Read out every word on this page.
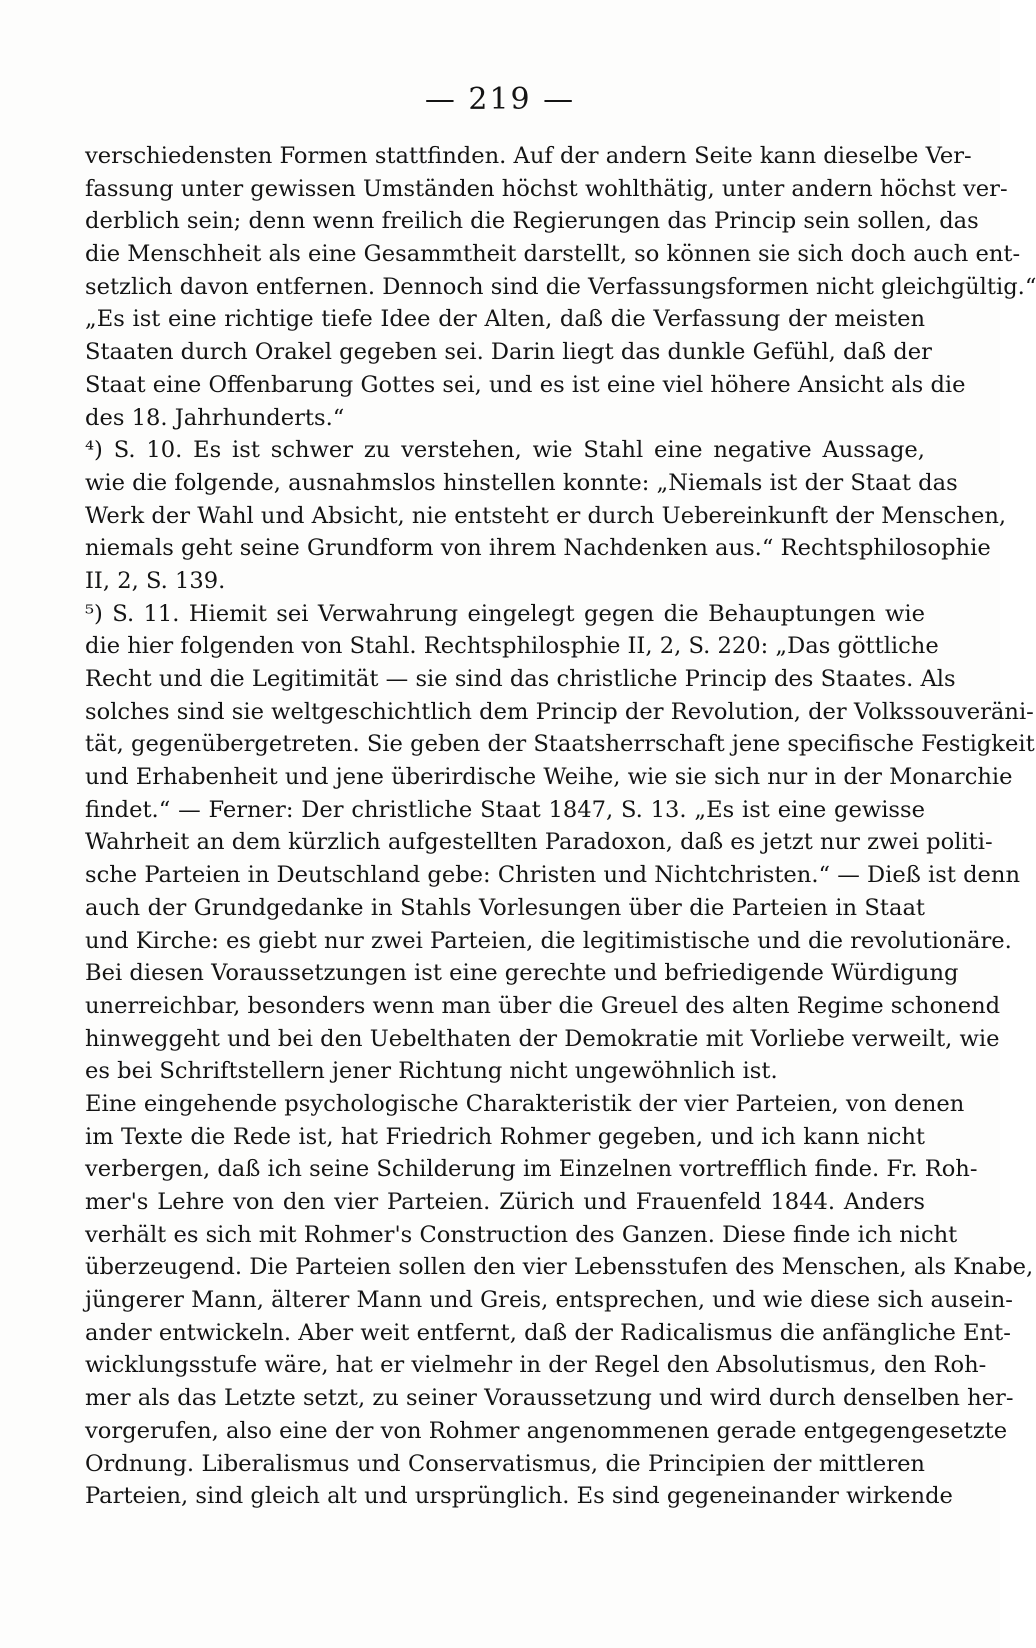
— 219 —
verschiedensten Formen stattfinden. Auf der andern Seite kann dieselbe Ver-
fassung unter gewissen Umständen höchst wohlthätig, unter andern höchst ver-
derblich sein; denn wenn freilich die Regierungen das Princip sein sollen, das
die Menschheit als eine Gesammtheit darstellt, so können sie sich doch auch ent-
setzlich davon entfernen. Dennoch sind die Verfassungsformen nicht gleichgültig.“
„Es ist eine richtige tiefe Idee der Alten, daß die Verfassung der meisten
Staaten durch Orakel gegeben sei. Darin liegt das dunkle Gefühl, daß der
Staat eine Offenbarung Gottes sei, und es ist eine viel höhere Ansicht als die
des 18. Jahrhunderts.“
⁴) S. 10. Es ist schwer zu verstehen, wie Stahl eine negative Aussage,
wie die folgende, ausnahmslos hinstellen konnte: „Niemals ist der Staat das
Werk der Wahl und Absicht, nie entsteht er durch Uebereinkunft der Menschen,
niemals geht seine Grundform von ihrem Nachdenken aus.“ Rechtsphilosophie
II, 2, S. 139.
⁵) S. 11. Hiemit sei Verwahrung eingelegt gegen die Behauptungen wie
die hier folgenden von Stahl. Rechtsphilosphie II, 2, S. 220: „Das göttliche
Recht und die Legitimität — sie sind das christliche Princip des Staates. Als
solches sind sie weltgeschichtlich dem Princip der Revolution, der Volkssouveräni-
tät, gegenübergetreten. Sie geben der Staatsherrschaft jene specifische Festigkeit
und Erhabenheit und jene überirdische Weihe, wie sie sich nur in der Monarchie
findet.“ — Ferner: Der christliche Staat 1847, S. 13. „Es ist eine gewisse
Wahrheit an dem kürzlich aufgestellten Paradoxon, daß es jetzt nur zwei politi-
sche Parteien in Deutschland gebe: Christen und Nichtchristen.“ — Dieß ist denn
auch der Grundgedanke in Stahls Vorlesungen über die Parteien in Staat
und Kirche: es giebt nur zwei Parteien, die legitimistische und die revolutionäre.
Bei diesen Voraussetzungen ist eine gerechte und befriedigende Würdigung
unerreichbar, besonders wenn man über die Greuel des alten Regime schonend
hinweggeht und bei den Uebelthaten der Demokratie mit Vorliebe verweilt, wie
es bei Schriftstellern jener Richtung nicht ungewöhnlich ist.
Eine eingehende psychologische Charakteristik der vier Parteien, von denen
im Texte die Rede ist, hat Friedrich Rohmer gegeben, und ich kann nicht
verbergen, daß ich seine Schilderung im Einzelnen vortrefflich finde. Fr. Roh-
mer's Lehre von den vier Parteien. Zürich und Frauenfeld 1844. Anders
verhält es sich mit Rohmer's Construction des Ganzen. Diese finde ich nicht
überzeugend. Die Parteien sollen den vier Lebensstufen des Menschen, als Knabe,
jüngerer Mann, älterer Mann und Greis, entsprechen, und wie diese sich ausein-
ander entwickeln. Aber weit entfernt, daß der Radicalismus die anfängliche Ent-
wicklungsstufe wäre, hat er vielmehr in der Regel den Absolutismus, den Roh-
mer als das Letzte setzt, zu seiner Voraussetzung und wird durch denselben her-
vorgerufen, also eine der von Rohmer angenommenen gerade entgegengesetzte
Ordnung. Liberalismus und Conservatismus, die Principien der mittleren
Parteien, sind gleich alt und ursprünglich. Es sind gegeneinander wirkende
